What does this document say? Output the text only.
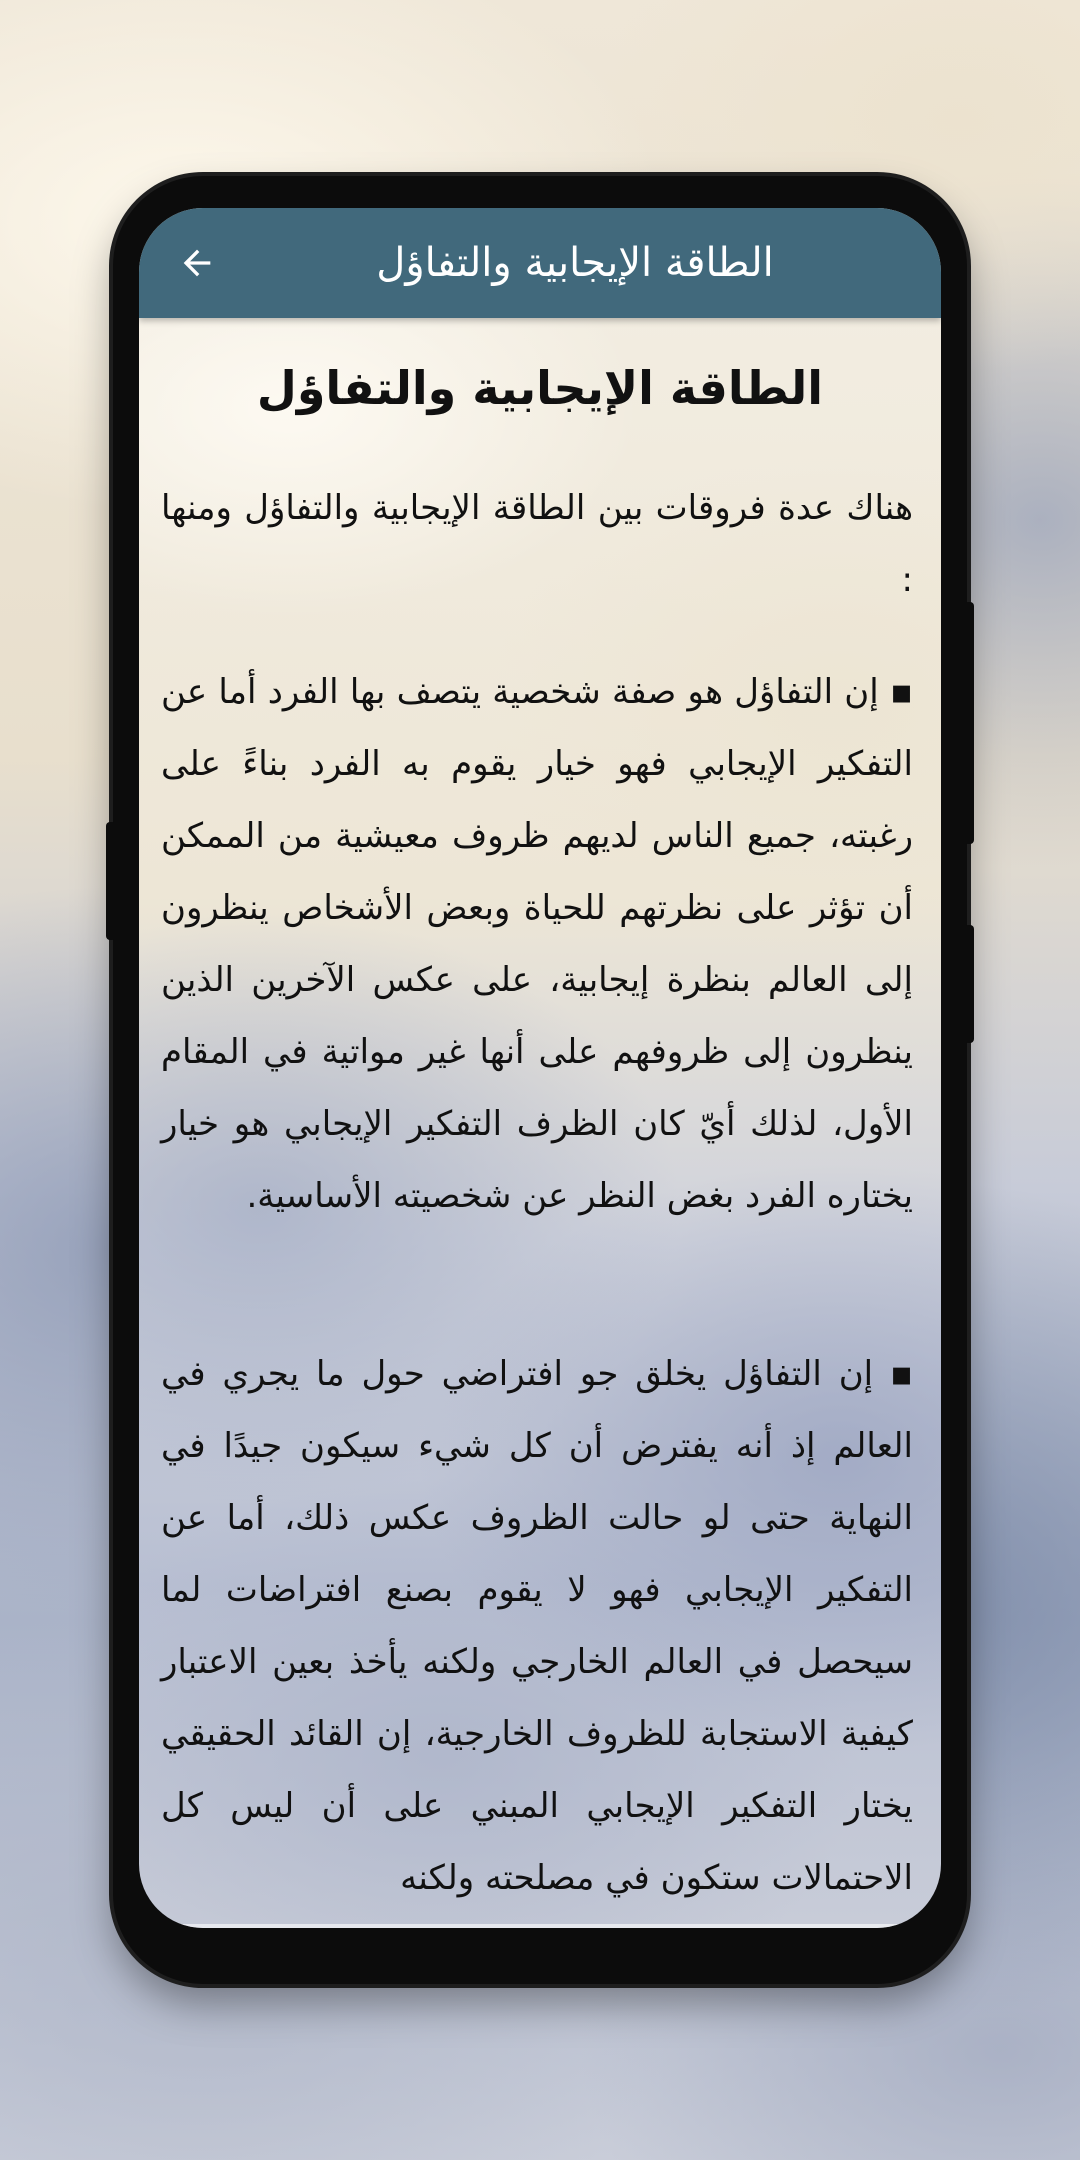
الطاقة الإيجابية والتفاؤل
الطاقة الإيجابية والتفاؤل

هناك عدة فروقات بين الطاقة الإيجابية والتفاؤل ومنها :

▪ إن التفاؤل هو صفة شخصية يتصف بها الفرد أما عن التفكير الإيجابي فهو خيار يقوم به الفرد بناءً على رغبته، جميع الناس لديهم ظروف معيشية من الممكن أن تؤثر على نظرتهم للحياة وبعض الأشخاص ينظرون إلى العالم بنظرة إيجابية، على عكس الآخرين الذين ينظرون إلى ظروفهم على أنها غير مواتية في المقام الأول، لذلك أيّ كان الظرف التفكير الإيجابي هو خيار يختاره الفرد بغض النظر عن شخصيته الأساسية.

▪ إن التفاؤل يخلق جو افتراضي حول ما يجري في العالم إذ أنه يفترض أن كل شيء سيكون جيدًا في النهاية حتى لو حالت الظروف عكس ذلك، أما عن التفكير الإيجابي فهو لا يقوم بصنع افتراضات لما سيحصل في العالم الخارجي ولكنه يأخذ بعين الاعتبار كيفية الاستجابة للظروف الخارجية، إن القائد الحقيقي يختار التفكير الإيجابي المبني على أن ليس كل الاحتمالات ستكون في مصلحته ولكنه
